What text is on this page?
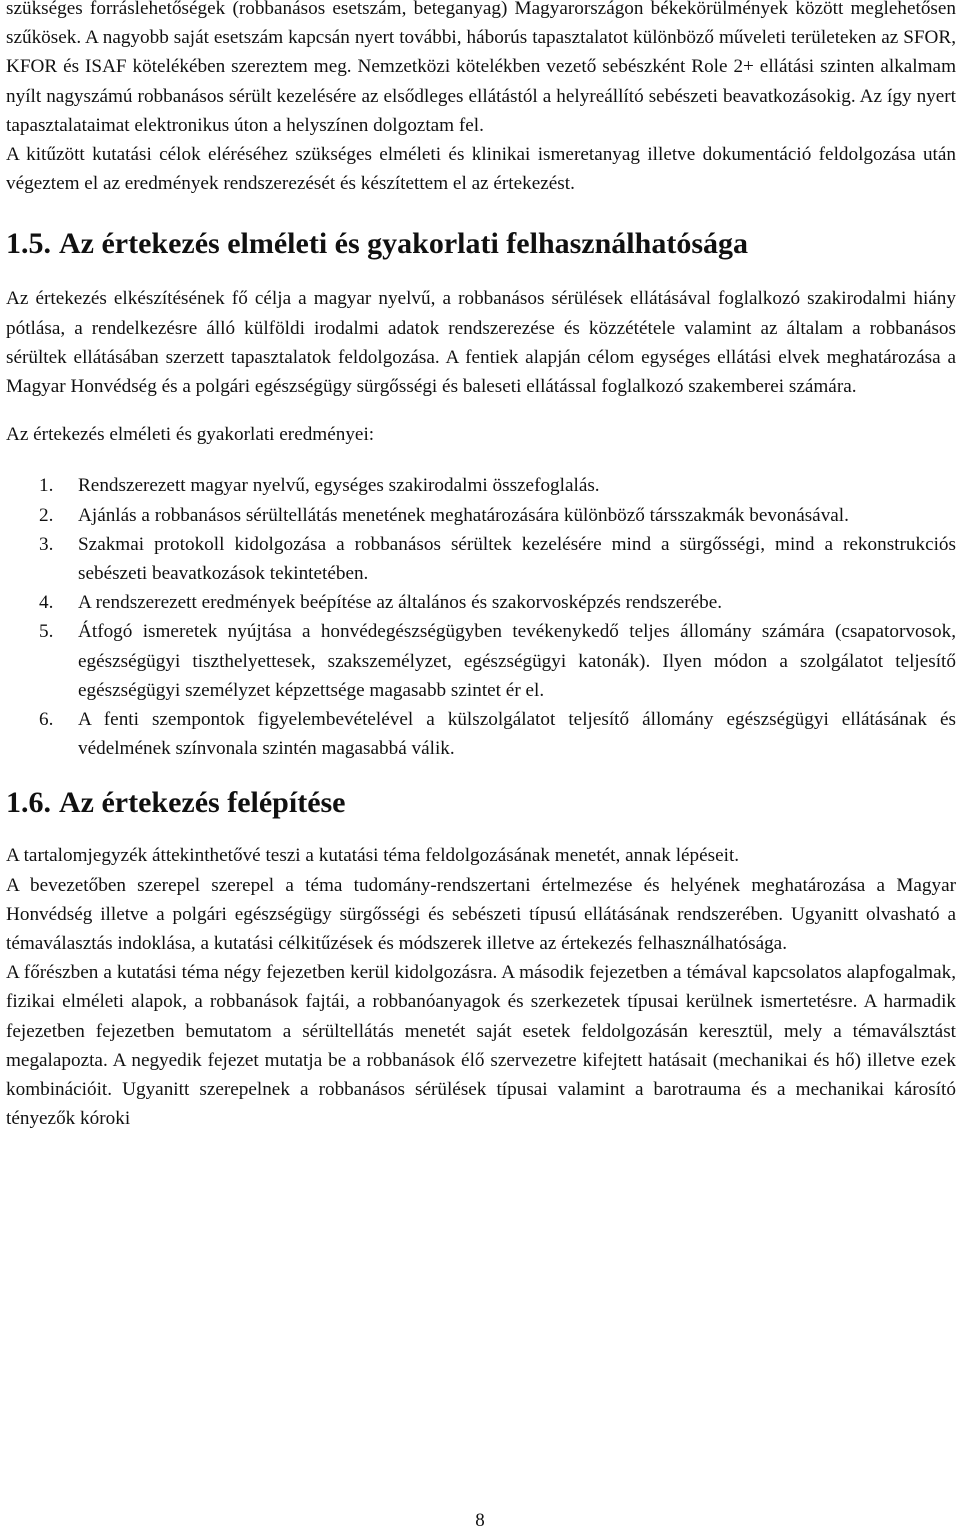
szükséges forráslehetőségek (robbanásos esetszám, beteganyag) Magyarországon békekörülmények között meglehetősen szűkösek. A nagyobb saját esetszám kapcsán nyert további, háborús tapasztalatot különböző műveleti területeken az SFOR, KFOR és ISAF kötelékében szereztem meg. Nemzetközi kötelékben vezető sebészként Role 2+ ellátási szinten alkalmam nyílt nagyszámú robbanásos sérült kezelésére az elsődleges ellátástól a helyreállító sebészeti beavatkozásokig. Az így nyert tapasztalataimat elektronikus úton a helyszínen dolgoztam fel.

A kitűzött kutatási célok eléréséhez szükséges elméleti és klinikai ismeretanyag illetve dokumentáció feldolgozása után végeztem el az eredmények rendszerezését és készítettem el az értekezést.

1.5. Az értekezés elméleti és gyakorlati felhasználhatósága

Az értekezés elkészítésének fő célja a magyar nyelvű, a robbanásos sérülések ellátásával foglalkozó szakirodalmi hiány pótlása, a rendelkezésre álló külföldi irodalmi adatok rendszerezése és közzététele valamint az általam a robbanásos sérültek ellátásában szerzett tapasztalatok feldolgozása. A fentiek alapján célom egységes ellátási elvek meghatározása a Magyar Honvédség és a polgári egészségügy sürgősségi és baleseti ellátással foglalkozó szakemberei számára.

Az értekezés elméleti és gyakorlati eredményei:

1. Rendszerezett magyar nyelvű, egységes szakirodalmi összefoglalás.
2. Ajánlás a robbanásos sérültellátás menetének meghatározására különböző társszakmák bevonásával.
3. Szakmai protokoll kidolgozása a robbanásos sérültek kezelésére mind a sürgősségi, mind a rekonstrukciós sebészeti beavatkozások tekintetében.
4. A rendszerezett eredmények beépítése az általános és szakorvosképzés rendszerébe.
5. Átfogó ismeretek nyújtása a honvédegészségügyben tevékenykedő teljes állomány számára (csapatorvosok, egészségügyi tiszthelyettesek, szakszemélyzet, egészségügyi katonák). Ilyen módon a szolgálatot teljesítő egészségügyi személyzet képzettsége magasabb szintet ér el.
6. A fenti szempontok figyelembevételével a külszolgálatot teljesítő állomány egészségügyi ellátásának és védelmének színvonala szintén magasabbá válik.
1.6. Az értekezés felépítése

A tartalomjegyzék áttekinthetővé teszi a kutatási téma feldolgozásának menetét, annak lépéseit.

A bevezetőben szerepel szerepel a téma tudomány-rendszertani értelmezése és helyének meghatározása a Magyar Honvédség illetve a polgári egészségügy sürgősségi és sebészeti típusú ellátásának rendszerében. Ugyanitt olvasható a témaválasztás indoklása, a kutatási célkitűzések és módszerek illetve az értekezés felhasználhatósága.

A főrészben a kutatási téma négy fejezetben kerül kidolgozásra. A második fejezetben a témával kapcsolatos alapfogalmak, fizikai elméleti alapok, a robbanások fajtái, a robbanóanyagok és szerkezetek típusai kerülnek ismertetésre. A harmadik fejezetben fejezetben bemutatom a sérültellátás menetét saját esetek feldolgozásán keresztül, mely a témaválsztást megalapozta. A negyedik fejezet mutatja be a robbanások élő szervezetre kifejtett hatásait (mechanikai és hő) illetve ezek kombinációit. Ugyanitt szerepelnek a robbanásos sérülések típusai valamint a barotrauma és a mechanikai károsító tényezők kóroki

8
